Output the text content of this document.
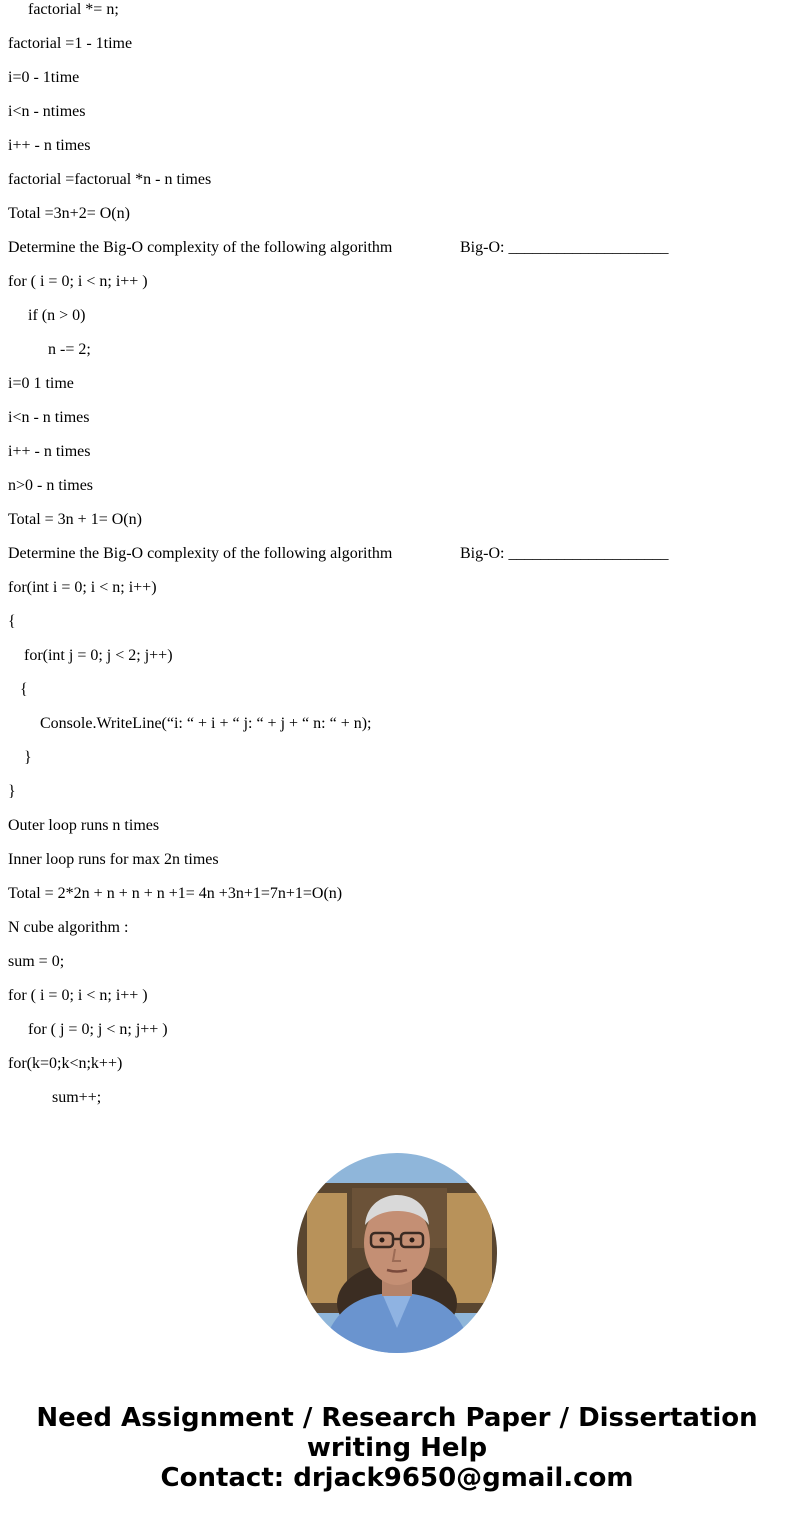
factorial *= n;
factorial =1 - 1time
i=0 - 1time
i<n - ntimes
i++ - n times
factorial =factorual *n - n times
Total =3n+2= O(n)
Determine the Big-O complexity of the following algorithm	Big-O: ____________________
for ( i = 0; i < n; i++ )
if (n > 0)
n -= 2;
i=0 1 time
i<n - n times
i++ - n times
n>0 - n times
Total = 3n + 1= O(n)
Determine the Big-O complexity of the following algorithm	Big-O: ____________________
for(int i = 0; i < n; i++)
{
for(int j = 0; j < 2; j++)
{
Console.WriteLine(“i: “ + i + “ j: “ + j + “ n: “ + n);
}
}
Outer loop runs n times
Inner loop runs for max 2n times
Total = 2*2n + n + n + n +1= 4n +3n+1=7n+1=O(n)
N cube algorithm :
sum = 0;
for ( i = 0; i < n; i++ )
for ( j = 0; j < n; j++ )
for(k=0;k<n;k++)
sum++;
Need Assignment / Research Paper / Dissertation
writing Help
Contact: drjack9650@gmail.com
